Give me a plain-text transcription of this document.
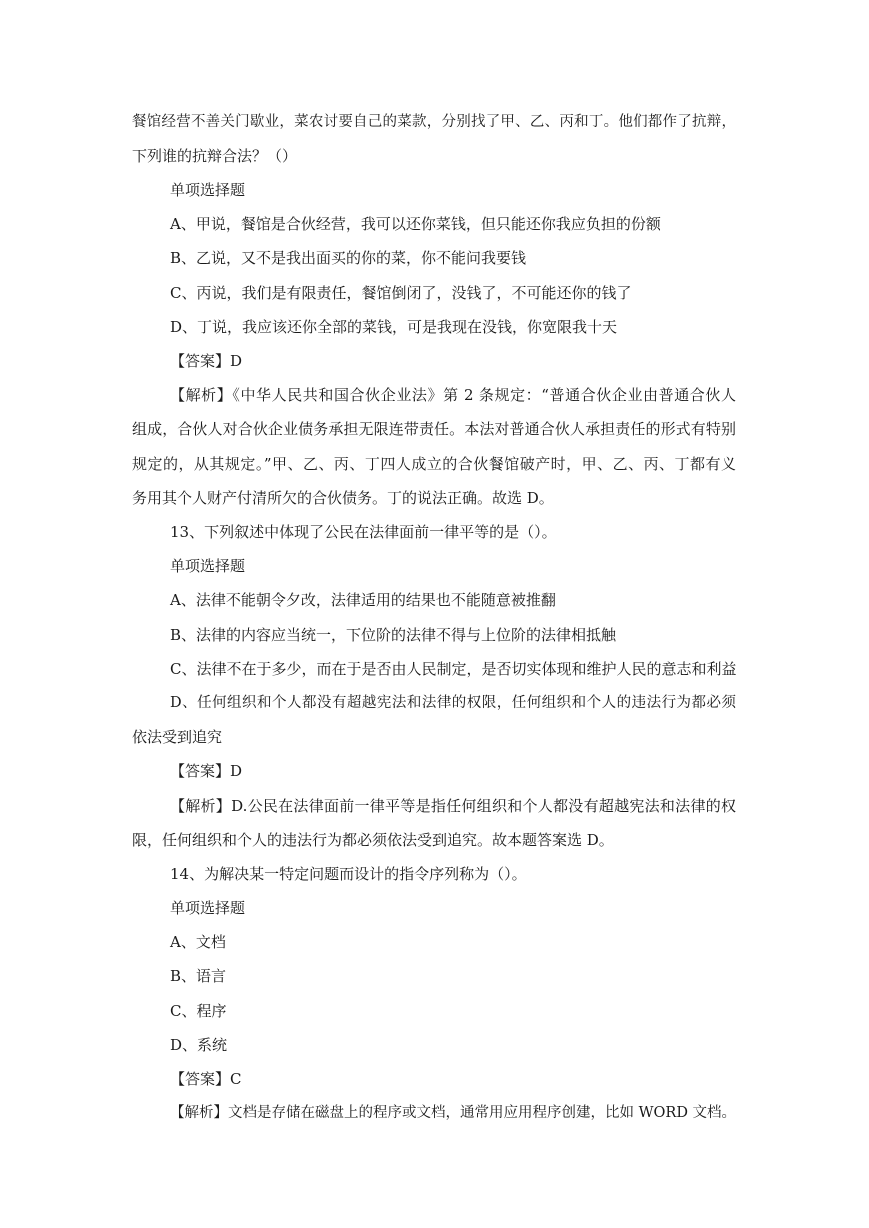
餐馆经营不善关门歇业，菜农讨要自己的菜款，分别找了甲、乙、丙和丁。他们都作了抗辩，
下列谁的抗辩合法？（）
单项选择题
A、甲说，餐馆是合伙经营，我可以还你菜钱，但只能还你我应负担的份额
B、乙说，又不是我出面买的你的菜，你不能问我要钱
C、丙说，我们是有限责任，餐馆倒闭了，没钱了，不可能还你的钱了
D、丁说，我应该还你全部的菜钱，可是我现在没钱，你宽限我十天
【答案】D
【解析】《中华人民共和国合伙企业法》第 2 条规定：“普通合伙企业由普通合伙人
组成，合伙人对合伙企业债务承担无限连带责任。本法对普通合伙人承担责任的形式有特别
规定的，从其规定。”甲、乙、丙、丁四人成立的合伙餐馆破产时，甲、乙、丙、丁都有义
务用其个人财产付清所欠的合伙债务。丁的说法正确。故选 D。
13、下列叙述中体现了公民在法律面前一律平等的是（）。
单项选择题
A、法律不能朝令夕改，法律适用的结果也不能随意被推翻
B、法律的内容应当统一，下位阶的法律不得与上位阶的法律相抵触
C、法律不在于多少，而在于是否由人民制定，是否切实体现和维护人民的意志和利益
D、任何组织和个人都没有超越宪法和法律的权限，任何组织和个人的违法行为都必须
依法受到追究
【答案】D
【解析】D.公民在法律面前一律平等是指任何组织和个人都没有超越宪法和法律的权
限，任何组织和个人的违法行为都必须依法受到追究。故本题答案选 D。
14、为解决某一特定问题而设计的指令序列称为（）。
单项选择题
A、文档
B、语言
C、程序
D、系统
【答案】C
【解析】文档是存储在磁盘上的程序或文档，通常用应用程序创建，比如 WORD 文档。
